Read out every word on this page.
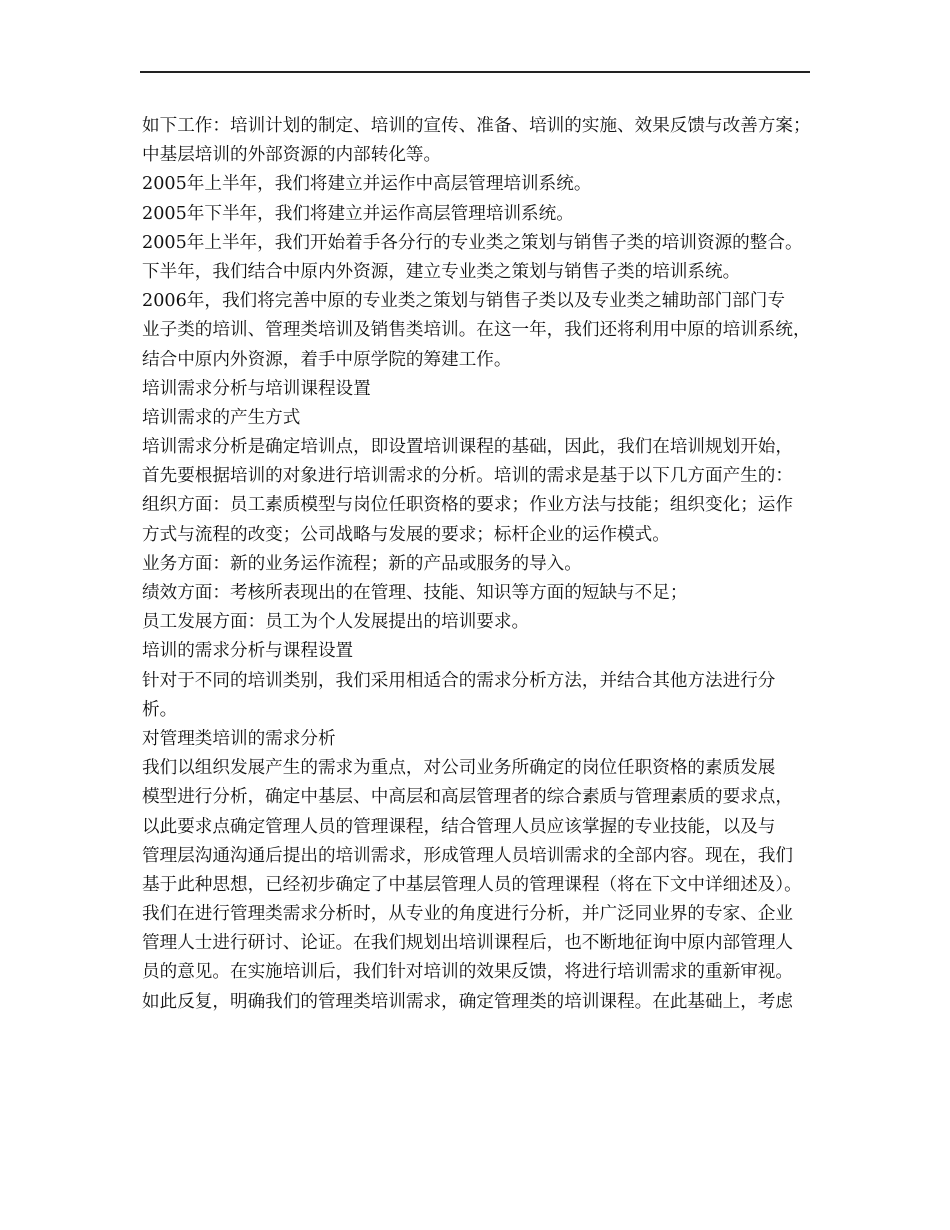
如下工作：培训计划的制定、培训的宣传、准备、培训的实施、效果反馈与改善方案；
中基层培训的外部资源的内部转化等。
2005年上半年，我们将建立并运作中高层管理培训系统。
2005年下半年，我们将建立并运作高层管理培训系统。
2005年上半年，我们开始着手各分行的专业类之策划与销售子类的培训资源的整合。
下半年，我们结合中原内外资源，建立专业类之策划与销售子类的培训系统。
2006年，我们将完善中原的专业类之策划与销售子类以及专业类之辅助部门部门专
业子类的培训、管理类培训及销售类培训。在这一年，我们还将利用中原的培训系统，
结合中原内外资源，着手中原学院的筹建工作。
培训需求分析与培训课程设置
培训需求的产生方式
培训需求分析是确定培训点，即设置培训课程的基础，因此，我们在培训规划开始，
首先要根据培训的对象进行培训需求的分析。培训的需求是基于以下几方面产生的：
组织方面：员工素质模型与岗位任职资格的要求；作业方法与技能；组织变化；运作
方式与流程的改变；公司战略与发展的要求；标杆企业的运作模式。
业务方面：新的业务运作流程；新的产品或服务的导入。
绩效方面：考核所表现出的在管理、技能、知识等方面的短缺与不足；
员工发展方面：员工为个人发展提出的培训要求。
培训的需求分析与课程设置
针对于不同的培训类别，我们采用相适合的需求分析方法，并结合其他方法进行分
析。
对管理类培训的需求分析
我们以组织发展产生的需求为重点，对公司业务所确定的岗位任职资格的素质发展
模型进行分析，确定中基层、中高层和高层管理者的综合素质与管理素质的要求点，
以此要求点确定管理人员的管理课程，结合管理人员应该掌握的专业技能，以及与
管理层沟通沟通后提出的培训需求，形成管理人员培训需求的全部内容。现在，我们
基于此种思想，已经初步确定了中基层管理人员的管理课程（将在下文中详细述及）。
我们在进行管理类需求分析时，从专业的角度进行分析，并广泛同业界的专家、企业
管理人士进行研讨、论证。在我们规划出培训课程后，也不断地征询中原内部管理人
员的意见。在实施培训后，我们针对培训的效果反馈，将进行培训需求的重新审视。
如此反复，明确我们的管理类培训需求，确定管理类的培训课程。在此基础上，考虑
